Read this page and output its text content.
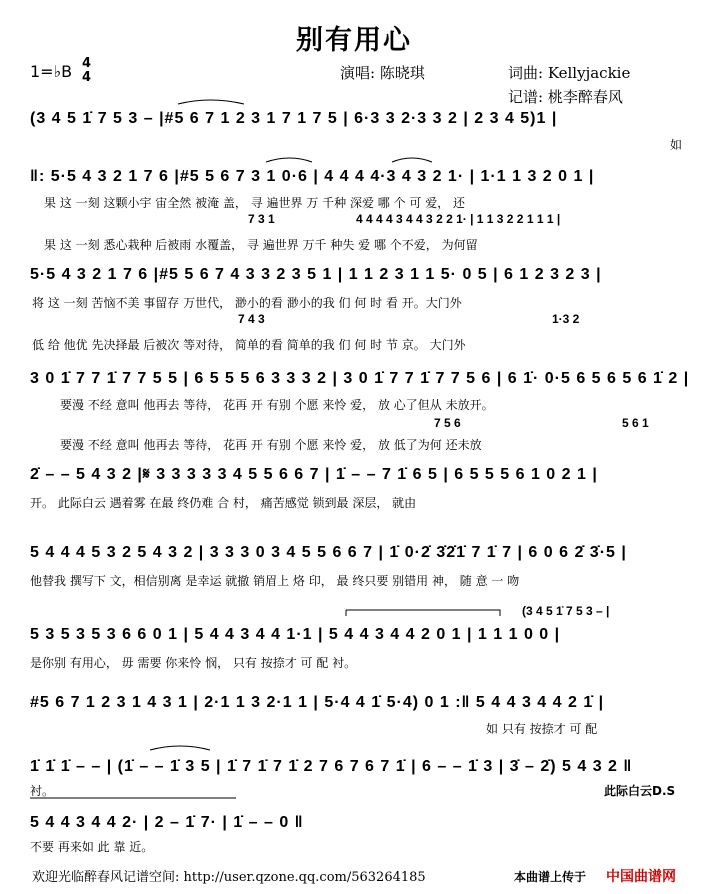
别有用心
1=♭B 4
4	演唱: 陈晓琪	词曲: Kellyjackie
记谱: 桃李醉春风
(3 4 5 1̇ 7 5 3 – |#5 6 7 1 2 3 1 7 1 7 5 | 6·3 3 2·3 3 2 | 2 3 4 5)1 |
如
‖: 5·5 4 3 2 1 7 6 |#5 5 6 7 3 1 0·6 | 4 4 4 4·3 4 3 2 1· | 1·1 1 3 2 0 1 |
果 这 一刻 这颗小宇 宙全然 被淹 盖， 寻 遍世界 万 千种 深爱 哪 个 可 爱， 还
7 3 1	4 4 4 4 3 4 4 3 2 2 1· | 1 1 3 2 2 1 1 1 |
果 这 一刻 悉心栽种 后被雨 水覆盖， 寻 遍世界 万千 种失 爱 哪 个不爱， 为何留
5·5 4 3 2 1 7 6 |#5 5 6 7 4 3 3 2 3 5 1 | 1 1 2 3 1 1 5· 0 5 | 6 1 2 3 2 3 |
将 这 一刻 苦恼不美 事留存 万世代， 渺小的看 渺小的我 们 何 时 看 开。大门外
7 4 3	1·3 2
低 给 他优 先决择最 后被次 等对待， 简单的看 简单的我 们 何 时 节 京。 大门外
3 0 1̇ 7 7 1̇ 7 7 5 5 | 6 5 5 5 6 3 3 3 2 | 3 0 1̇ 7 7 1̇ 7 7 5 6 | 6 1̇· 0·5 6 5 6 5 6 1̇ 2 |
要漫 不经 意叫 他再去 等待， 花再 开 有别 个愿 来怜 爱， 放 心了但从 未放开。
7 5 6	5 6 1
要漫 不经 意叫 他再去 等待， 花再 开 有别 个愿 来怜 爱， 放 低了为何 还未放
2̇ – – 5 4 3 2 |𝄋 3 3 3 3 3 4 5 5 6 6 7 | 1̇ – – 7 1̇ 6 5 | 6 5 5 5 6 1 0 2 1 |
开。 此际白云 遇着雾 在最 终仍难 合 村， 痛苦感觉 锁到最 深层， 就由
5 4 4 4 5 3 2 5 4 3 2 | 3 3 3 0 3 4 5 5 6 6 7 | 1̇ 0·2̇ 3̇2̇1̇ 7 1̇ 7 | 6 0 6 2̇ 3̇·5 |
他替我 撰写下 文，相信别离 是幸运 就撤 销眉上 烙 印， 最 终只要 别错用 神， 随 意 一 吻
(3 4 5 1̇ 7 5 3 – |
5 3 5 3 5 3 6 6 0 1 | 5 4 4 3 4 4 1·1 | 5 4 4 3 4 4 2 0 1 | 1 1 1 0 0 |
是你别 有用心， 毋 需要 你来怜 悯， 只有 按捺才 可 配 衬。
#5 6 7 1 2 3 1 4 3 1 | 2·1 1 3 2·1 1 | 5·4 4 1̇ 5·4) 0 1 :‖ 5 4 4 3 4 4 2 1̇ |
如 只有 按捺才 可 配
1̇ 1̇ 1̇ – – | (1̇ – – 1̇ 3 5 | 1̇ 7 1̇ 7 1̇ 2 7 6 7 6 7 1̇ | 6 – – 1̇ 3 | 3̇ – 2̇) 5 4 3 2 ‖
衬。	此际白云D.S
5 4 4 3 4 4 2· | 2 – 1̇ 7· | 1̇ – – 0 ‖
不要 再来如 此 靠 近。
欢迎光临醉春风记谱空间: http://user.qzone.qq.com/563264185	本曲谱上传于 中国曲谱网
